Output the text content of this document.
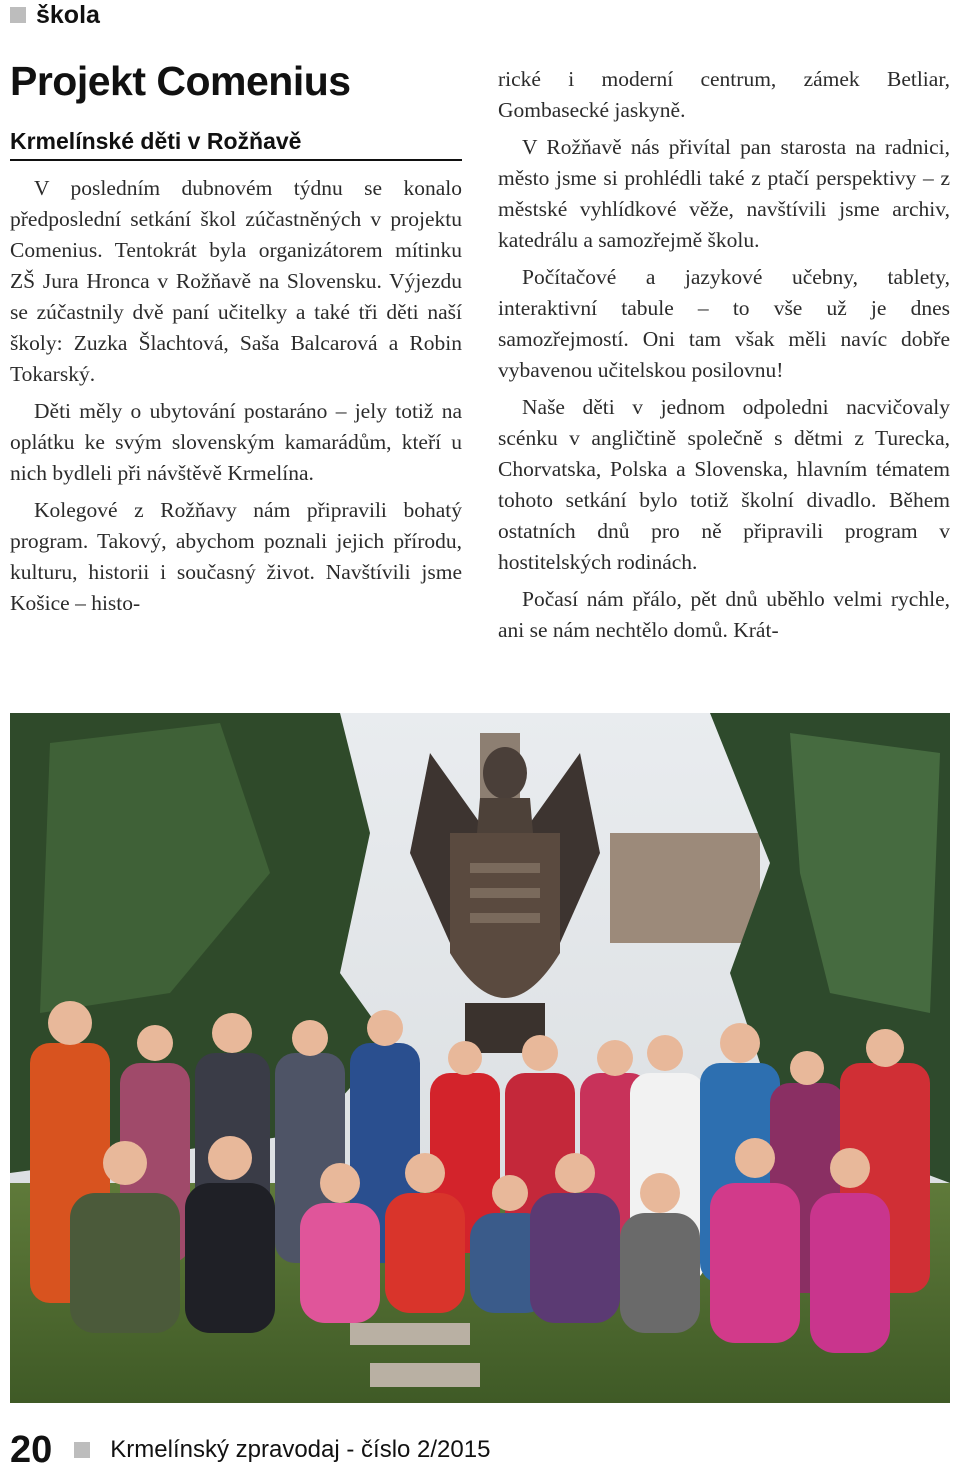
škola
Projekt Comenius
Krmelínské děti v Rožňavě

V posledním dubnovém týdnu se konalo předposlední setkání škol zúčastněných v projektu Comenius. Tentokrát byla organizátorem mítinku ZŠ Jura Hronca v Rožňavě na Slovensku. Výjezdu se zúčastnily dvě paní učitelky a také tři děti naší školy: Zuzka Šlachtová, Saša Balcarová a Robin Tokarský.

Děti měly o ubytování postaráno – jely totiž na oplátku ke svým slovenským kamarádům, kteří u nich bydleli při návštěvě Krmelína.

Kolegové z Rožňavy nám připravili bohatý program. Takový, abychom poznali jejich přírodu, kulturu, historii i současný život. Navštívili jsme Košice – histo-

rické i moderní centrum, zámek Betliar, Gombasecké jaskyně.

V Rožňavě nás přivítal pan starosta na radnici, město jsme si prohlédli také z ptačí perspektivy – z městské vyhlídkové věže, navštívili jsme archiv, katedrálu a samozřejmě školu.

Počítačové a jazykové učebny, tablety, interaktivní tabule – to vše už je dnes samozřejmostí. Oni tam však měli navíc dobře vybavenou učitelskou posilovnu!

Naše děti v jednom odpoledni nacvičovaly scénku v angličtině společně s dětmi z Turecka, Chorvatska, Polska a Slovenska, hlavním tématem tohoto setkání bylo totiž školní divadlo. Během ostatních dnů pro ně připravili program v hostitelských rodinách.

Počasí nám přálo, pět dnů uběhlo velmi rychle, ani se nám nechtělo domů. Krát-

20 Krmelínský zpravodaj - číslo 2/2015
